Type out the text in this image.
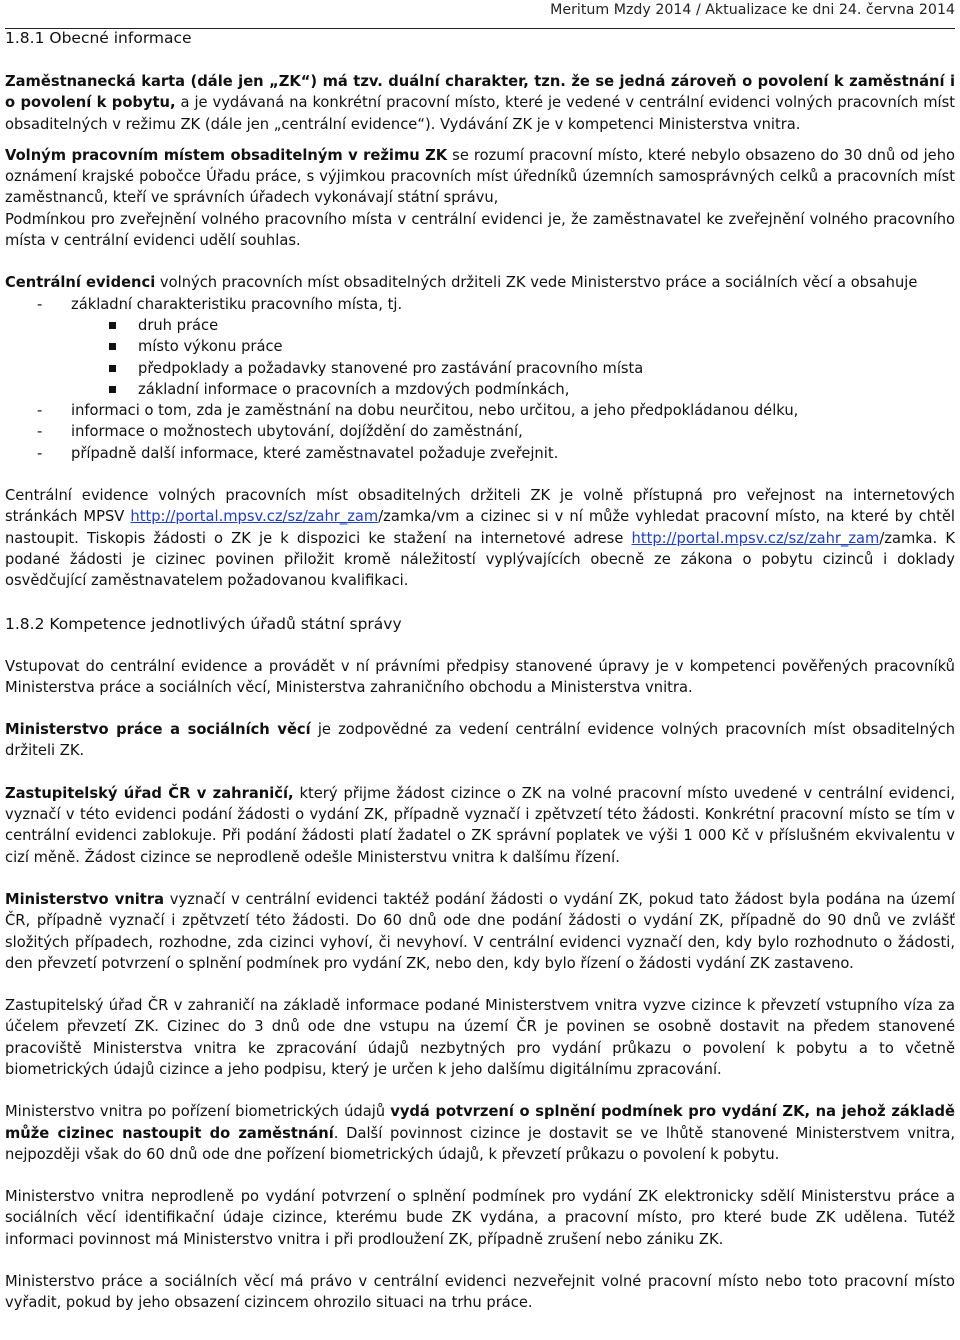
Meritum Mzdy 2014 / Aktualizace ke dni 24. června 2014
1.8.1 Obecné informace

Zaměstnanecká karta (dále jen „ZK“) má tzv. duální charakter, tzn. že se jedná zároveň o povolení k zaměstnání i o povolení k pobytu, a je vydávaná na konkrétní pracovní místo, které je vedené v centrální evidenci volných pracovních míst obsaditelných v režimu ZK (dále jen „centrální evidence“). Vydávání ZK je v kompetenci Ministerstva vnitra.

Volným pracovním místem obsaditelným v režimu ZK se rozumí pracovní místo, které nebylo obsazeno do 30 dnů od jeho oznámení krajské pobočce Úřadu práce, s výjimkou pracovních míst úředníků územních samosprávných celků a pracovních míst zaměstnanců, kteří ve správních úřadech vykonávají státní správu,

Podmínkou pro zveřejnění volného pracovního místa v centrální evidenci je, že zaměstnavatel ke zveřejnění volného pracovního místa v centrální evidenci udělí souhlas.

Centrální evidenci volných pracovních míst obsaditelných držiteli ZK vede Ministerstvo práce a sociálních věcí a obsahuje

- základní charakteristiku pracovního místa, tj.
druh práce
místo výkonu práce
předpoklady a požadavky stanovené pro zastávání pracovního místa
základní informace o pracovních a mzdových podmínkách,
- informaci o tom, zda je zaměstnání na dobu neurčitou, nebo určitou, a jeho předpokládanou délku,
- informace o možnostech ubytování, dojíždění do zaměstnání,
- případně další informace, které zaměstnavatel požaduje zveřejnit.

Centrální evidence volných pracovních míst obsaditelných držiteli ZK je volně přístupná pro veřejnost na internetových stránkách MPSV http://portal.mpsv.cz/sz/zahr_zam/zamka/vm a cizinec si v ní může vyhledat pracovní místo, na které by chtěl nastoupit. Tiskopis žádosti o ZK je k dispozici ke stažení na internetové adrese http://portal.mpsv.cz/sz/zahr_zam/zamka. K podané žádosti je cizinec povinen přiložit kromě náležitostí vyplývajících obecně ze zákona o pobytu cizinců i doklady osvědčující zaměstnavatelem požadovanou kvalifikaci.

1.8.2 Kompetence jednotlivých úřadů státní správy

Vstupovat do centrální evidence a provádět v ní právními předpisy stanovené úpravy je v kompetenci pověřených pracovníků Ministerstva práce a sociálních věcí, Ministerstva zahraničního obchodu a Ministerstva vnitra.

Ministerstvo práce a sociálních věcí je zodpovědné za vedení centrální evidence volných pracovních míst obsaditelných držiteli ZK.

Zastupitelský úřad ČR v zahraničí, který přijme žádost cizince o ZK na volné pracovní místo uvedené v centrální evidenci, vyznačí v této evidenci podání žádosti o vydání ZK, případně vyznačí i zpětvzetí této žádosti. Konkrétní pracovní místo se tím v centrální evidenci zablokuje. Při podání žádosti platí žadatel o ZK správní poplatek ve výši 1 000 Kč v příslušném ekvivalentu v cizí měně. Žádost cizince se neprodleně odešle Ministerstvu vnitra k dalšímu řízení.

Ministerstvo vnitra vyznačí v centrální evidenci taktéž podání žádosti o vydání ZK, pokud tato žádost byla podána na území ČR, případně vyznačí i zpětvzetí této žádosti. Do 60 dnů ode dne podání žádosti o vydání ZK, případně do 90 dnů ve zvlášť složitých případech, rozhodne, zda cizinci vyhoví, či nevyhoví. V centrální evidenci vyznačí den, kdy bylo rozhodnuto o žádosti, den převzetí potvrzení o splnění podmínek pro vydání ZK, nebo den, kdy bylo řízení o žádosti vydání ZK zastaveno.

Zastupitelský úřad ČR v zahraničí na základě informace podané Ministerstvem vnitra vyzve cizince k převzetí vstupního víza za účelem převzetí ZK. Cizinec do 3 dnů ode dne vstupu na území ČR je povinen se osobně dostavit na předem stanovené pracoviště Ministerstva vnitra ke zpracování údajů nezbytných pro vydání průkazu o povolení k pobytu a to včetně biometrických údajů cizince a jeho podpisu, který je určen k jeho dalšímu digitálnímu zpracování.

Ministerstvo vnitra po pořízení biometrických údajů vydá potvrzení o splnění podmínek pro vydání ZK, na jehož základě může cizinec nastoupit do zaměstnání. Další povinnost cizince je dostavit se ve lhůtě stanovené Ministerstvem vnitra, nejpozději však do 60 dnů ode dne pořízení biometrických údajů, k převzetí průkazu o povolení k pobytu.

Ministerstvo vnitra neprodleně po vydání potvrzení o splnění podmínek pro vydání ZK elektronicky sdělí Ministerstvu práce a sociálních věcí identifikační údaje cizince, kterému bude ZK vydána, a pracovní místo, pro které bude ZK udělena. Tutéž informaci povinnost má Ministerstvo vnitra i při prodloužení ZK, případně zrušení nebo zániku ZK.

Ministerstvo práce a sociálních věcí má právo v centrální evidenci nezveřejnit volné pracovní místo nebo toto pracovní místo vyřadit, pokud by jeho obsazení cizincem ohrozilo situaci na trhu práce.
